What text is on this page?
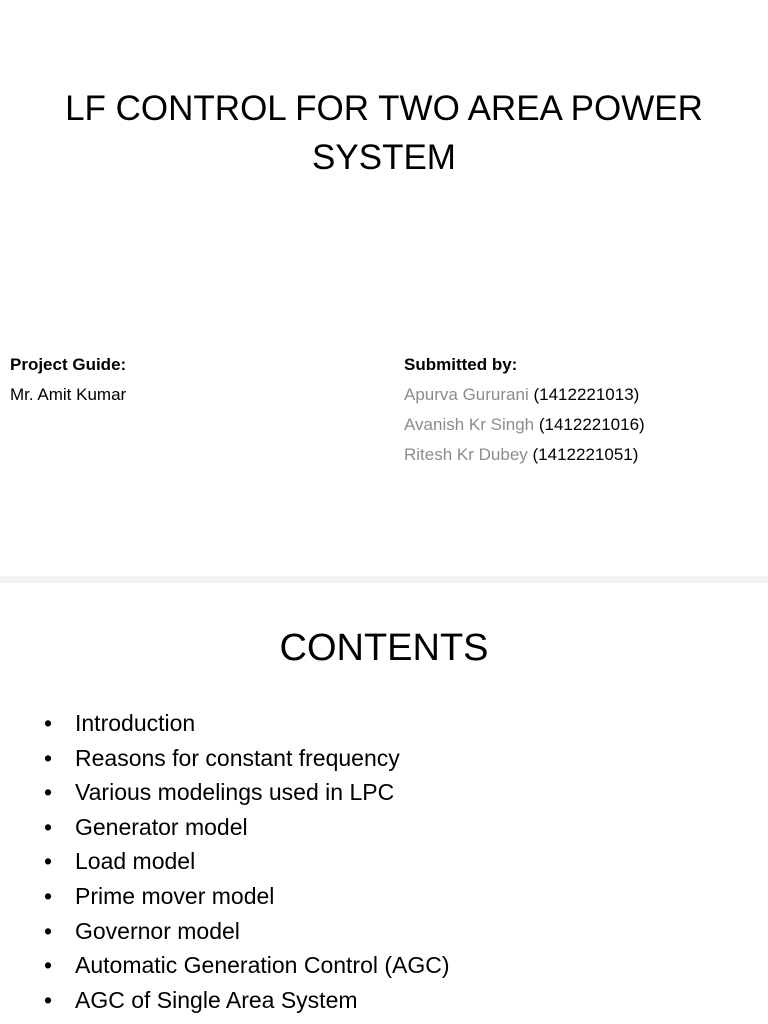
LF CONTROL FOR TWO AREA POWER SYSTEM
Project Guide:
Mr. Amit Kumar
Submitted by:
Apurva Gururani (1412221013)
Avanish Kr Singh (1412221016)
Ritesh Kr Dubey (1412221051)
CONTENTS
• Introduction
• Reasons for constant frequency
• Various modelings used in LPC
• Generator model
• Load model
• Prime mover model
• Governor model
• Automatic Generation Control (AGC)
• AGC of Single Area System
